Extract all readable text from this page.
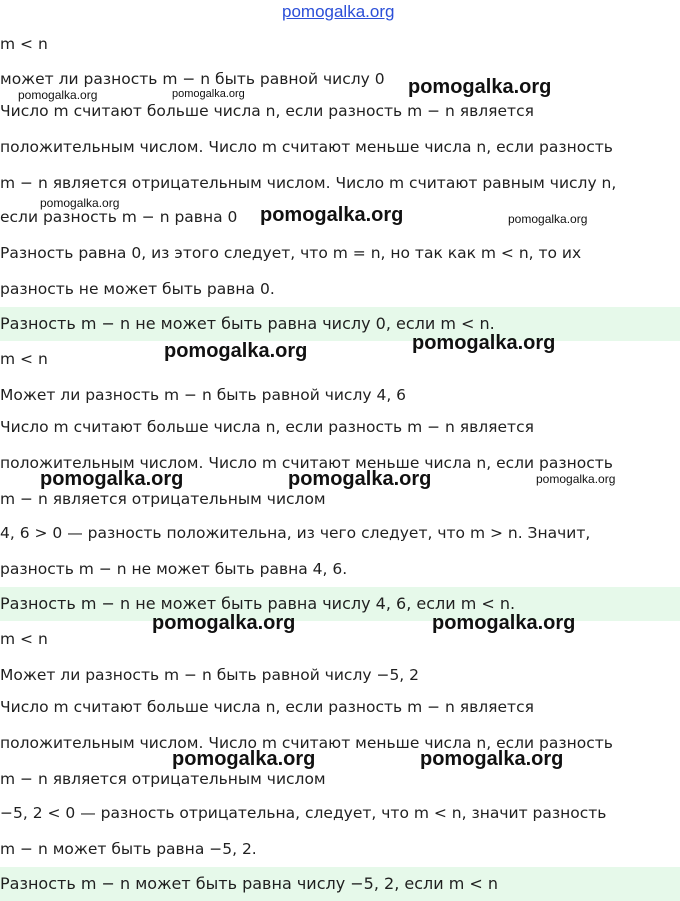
pomogalka.org
m < n
может ли разность m − n быть равной числу 0
Число m считают больше числа n, если разность m − n является
положительным числом. Число m считают меньше числа n, если разность
m − n является отрицательным числом. Число m считают равным числу n,
если разность m − n равна 0
Разность равна 0, из этого следует, что m = n, но так как m < n, то их
разность не может быть равна 0.
Разность m − n не может быть равна числу 0, если m < n.
m < n
Может ли разность m − n быть равной числу 4, 6
Число m считают больше числа n, если разность m − n является
положительным числом. Число m считают меньше числа n, если разность
m − n является отрицательным числом
4, 6 > 0 — разность положительна, из чего следует, что m > n. Значит,
разность m − n не может быть равна 4, 6.
Разность m − n не может быть равна числу 4, 6, если m < n.
m < n
Может ли разность m − n быть равной числу −5, 2
Число m считают больше числа n, если разность m − n является
положительным числом. Число m считают меньше числа n, если разность
m − n является отрицательным числом
−5, 2 < 0 — разность отрицательна, следует, что m < n, значит разность
m − n может быть равна −5, 2.
Разность m − n может быть равна числу −5, 2, если m < n
pomogalka.org
pomogalka.org	pomogalka.org
pomogalka.org
pomogalka.org	pomogalka.org
pomogalka.org
pomogalka.org
pomogalka.org	pomogalka.org	pomogalka.org
pomogalka.org	pomogalka.org
pomogalka.org	pomogalka.org
